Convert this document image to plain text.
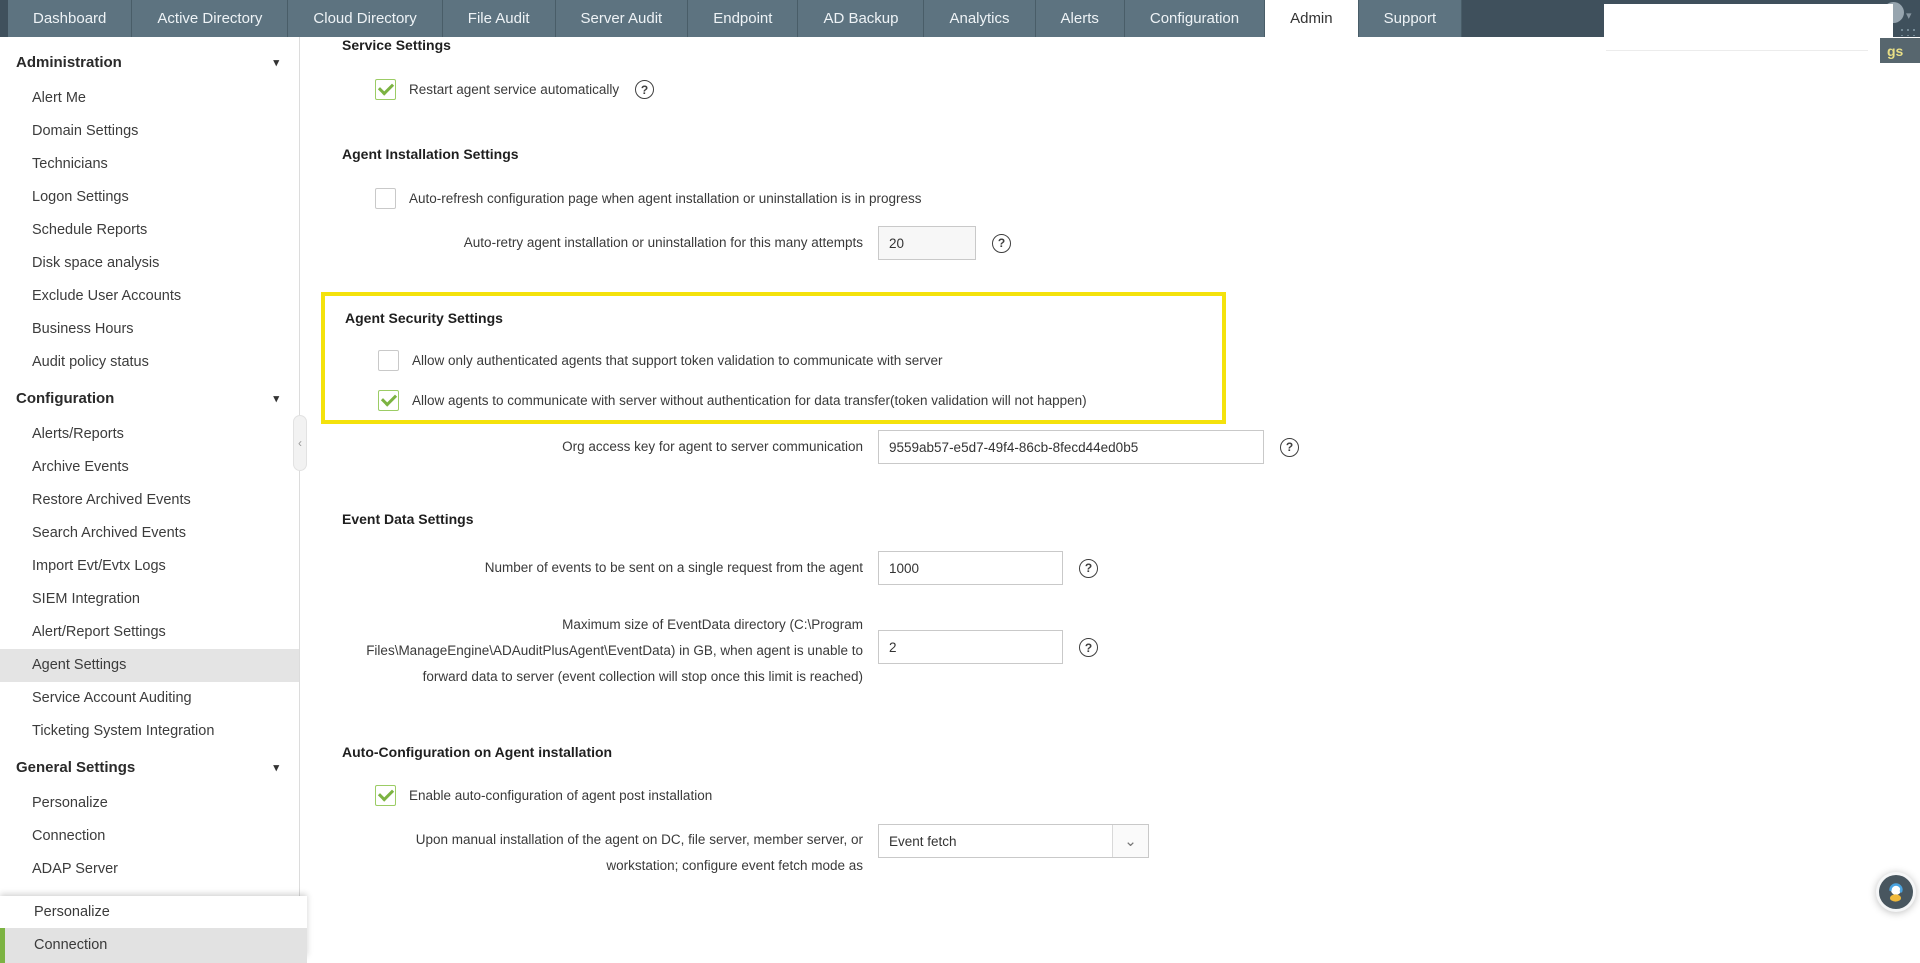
Dashboard	Active Directory	Cloud Directory	File Audit	Server Audit	Endpoint	AD Backup	Analytics	Alerts	Configuration	Admin	Support	▾
gs
Administration	▾
Alert Me
Domain Settings
Technicians
Logon Settings
Schedule Reports
Disk space analysis
Exclude User Accounts
Business Hours
Audit policy status
Configuration	▾
Alerts/Reports
Archive Events
Restore Archived Events
Search Archived Events
Import Evt/Evtx Logs
SIEM Integration
Alert/Report Settings
Agent Settings
Service Account Auditing
Ticketing System Integration
General Settings	▾
Personalize
Connection
ADAP Server
‹
Personalize
Connection
Service Settings
Restart agent service automatically	?
Agent Installation Settings
Auto-refresh configuration page when agent installation or uninstallation is in progress
Auto-retry agent installation or uninstallation for this many attempts
20	?
Agent Security Settings
Allow only authenticated agents that support token validation to communicate with server
Allow agents to communicate with server without authentication for data transfer(token validation will not happen)
Org access key for agent to server communication
9559ab57-e5d7-49f4-86cb-8fecd44ed0b5	?
Event Data Settings
Number of events to be sent on a single request from the agent
1000	?
Maximum size of EventData directory (C:\Program Files\ManageEngine\ADAuditPlusAgent\EventData) in GB, when agent is unable to forward data to server (event collection will stop once this limit is reached)
2
?
Auto-Configuration on Agent installation
Enable auto-configuration of agent post installation
Upon manual installation of the agent on DC, file server, member server, or workstation; configure event fetch mode as
Event fetch	⌄
